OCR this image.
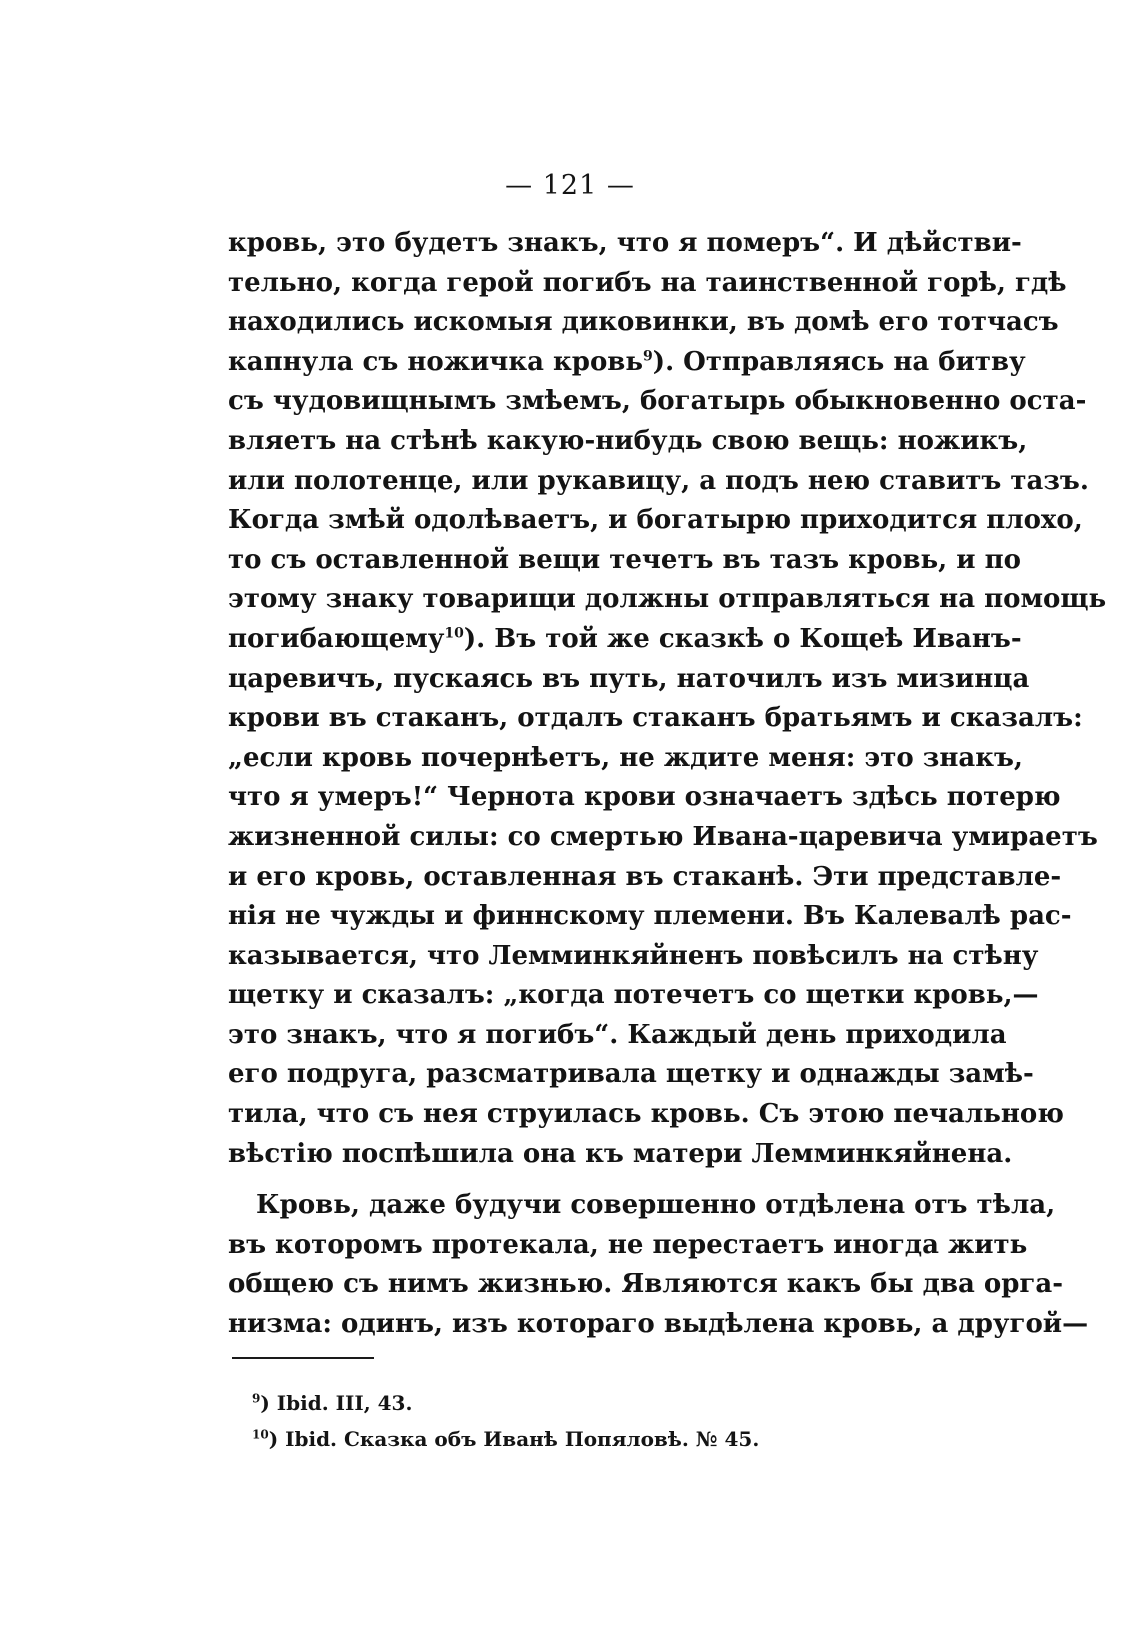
— 121 —

кровь, это будетъ знакъ, что я померъ“. И дѣйстви-
тельно, когда герой погибъ на таинственной горѣ, гдѣ
находились искомыя диковинки, въ домѣ его тотчасъ
капнула съ ножичка кровь$^9$). Отправляясь на битву
съ чудовищнымъ змѣемъ, богатырь обыкновенно оста-
вляетъ на стѣнѣ какую-нибудь свою вещь: ножикъ,
или полотенце, или рукавицу, а подъ нею ставитъ тазъ.
Когда змѣй одолѣваетъ, и богатырю приходится плохо,
то съ оставленной вещи течетъ въ тазъ кровь, и по
этому знаку товарищи должны отправляться на помощь
погибающему$^{10}$). Въ той же сказкѣ о Кощеѣ Иванъ-
царевичъ, пускаясь въ путь, наточилъ изъ мизинца
крови въ стаканъ, отдалъ стаканъ братьямъ и сказалъ:
„если кровь почернѣетъ, не ждите меня: это знакъ,
что я умеръ!“ Чернота крови означаетъ здѣсь потерю
жизненной силы: со смертью Ивана-царевича умираетъ
и его кровь, оставленная въ стаканѣ. Эти представле-
нія не чужды и финнскому племени. Въ Калевалѣ рас-
казывается, что Лемминкяйненъ повѣсилъ на стѣну
щетку и сказалъ: „когда потечетъ со щетки кровь,—
это знакъ, что я погибъ“. Каждый день приходила
его подруга, разсматривала щетку и однажды замѣ-
тила, что съ нея струилась кровь. Съ этою печальною
вѣстію поспѣшила она къ матери Лемминкяйнена.

Кровь, даже будучи совершенно отдѣлена отъ тѣла,
въ которомъ протекала, не перестаетъ иногда жить
общею съ нимъ жизнью. Являются какъ бы два орга-
низма: одинъ, изъ котораго выдѣлена кровь, а другой—

$^9$) Ibid. III, 43.
$^{10}$) Ibid. Сказка объ Иванѣ Попяловѣ. № 45.
